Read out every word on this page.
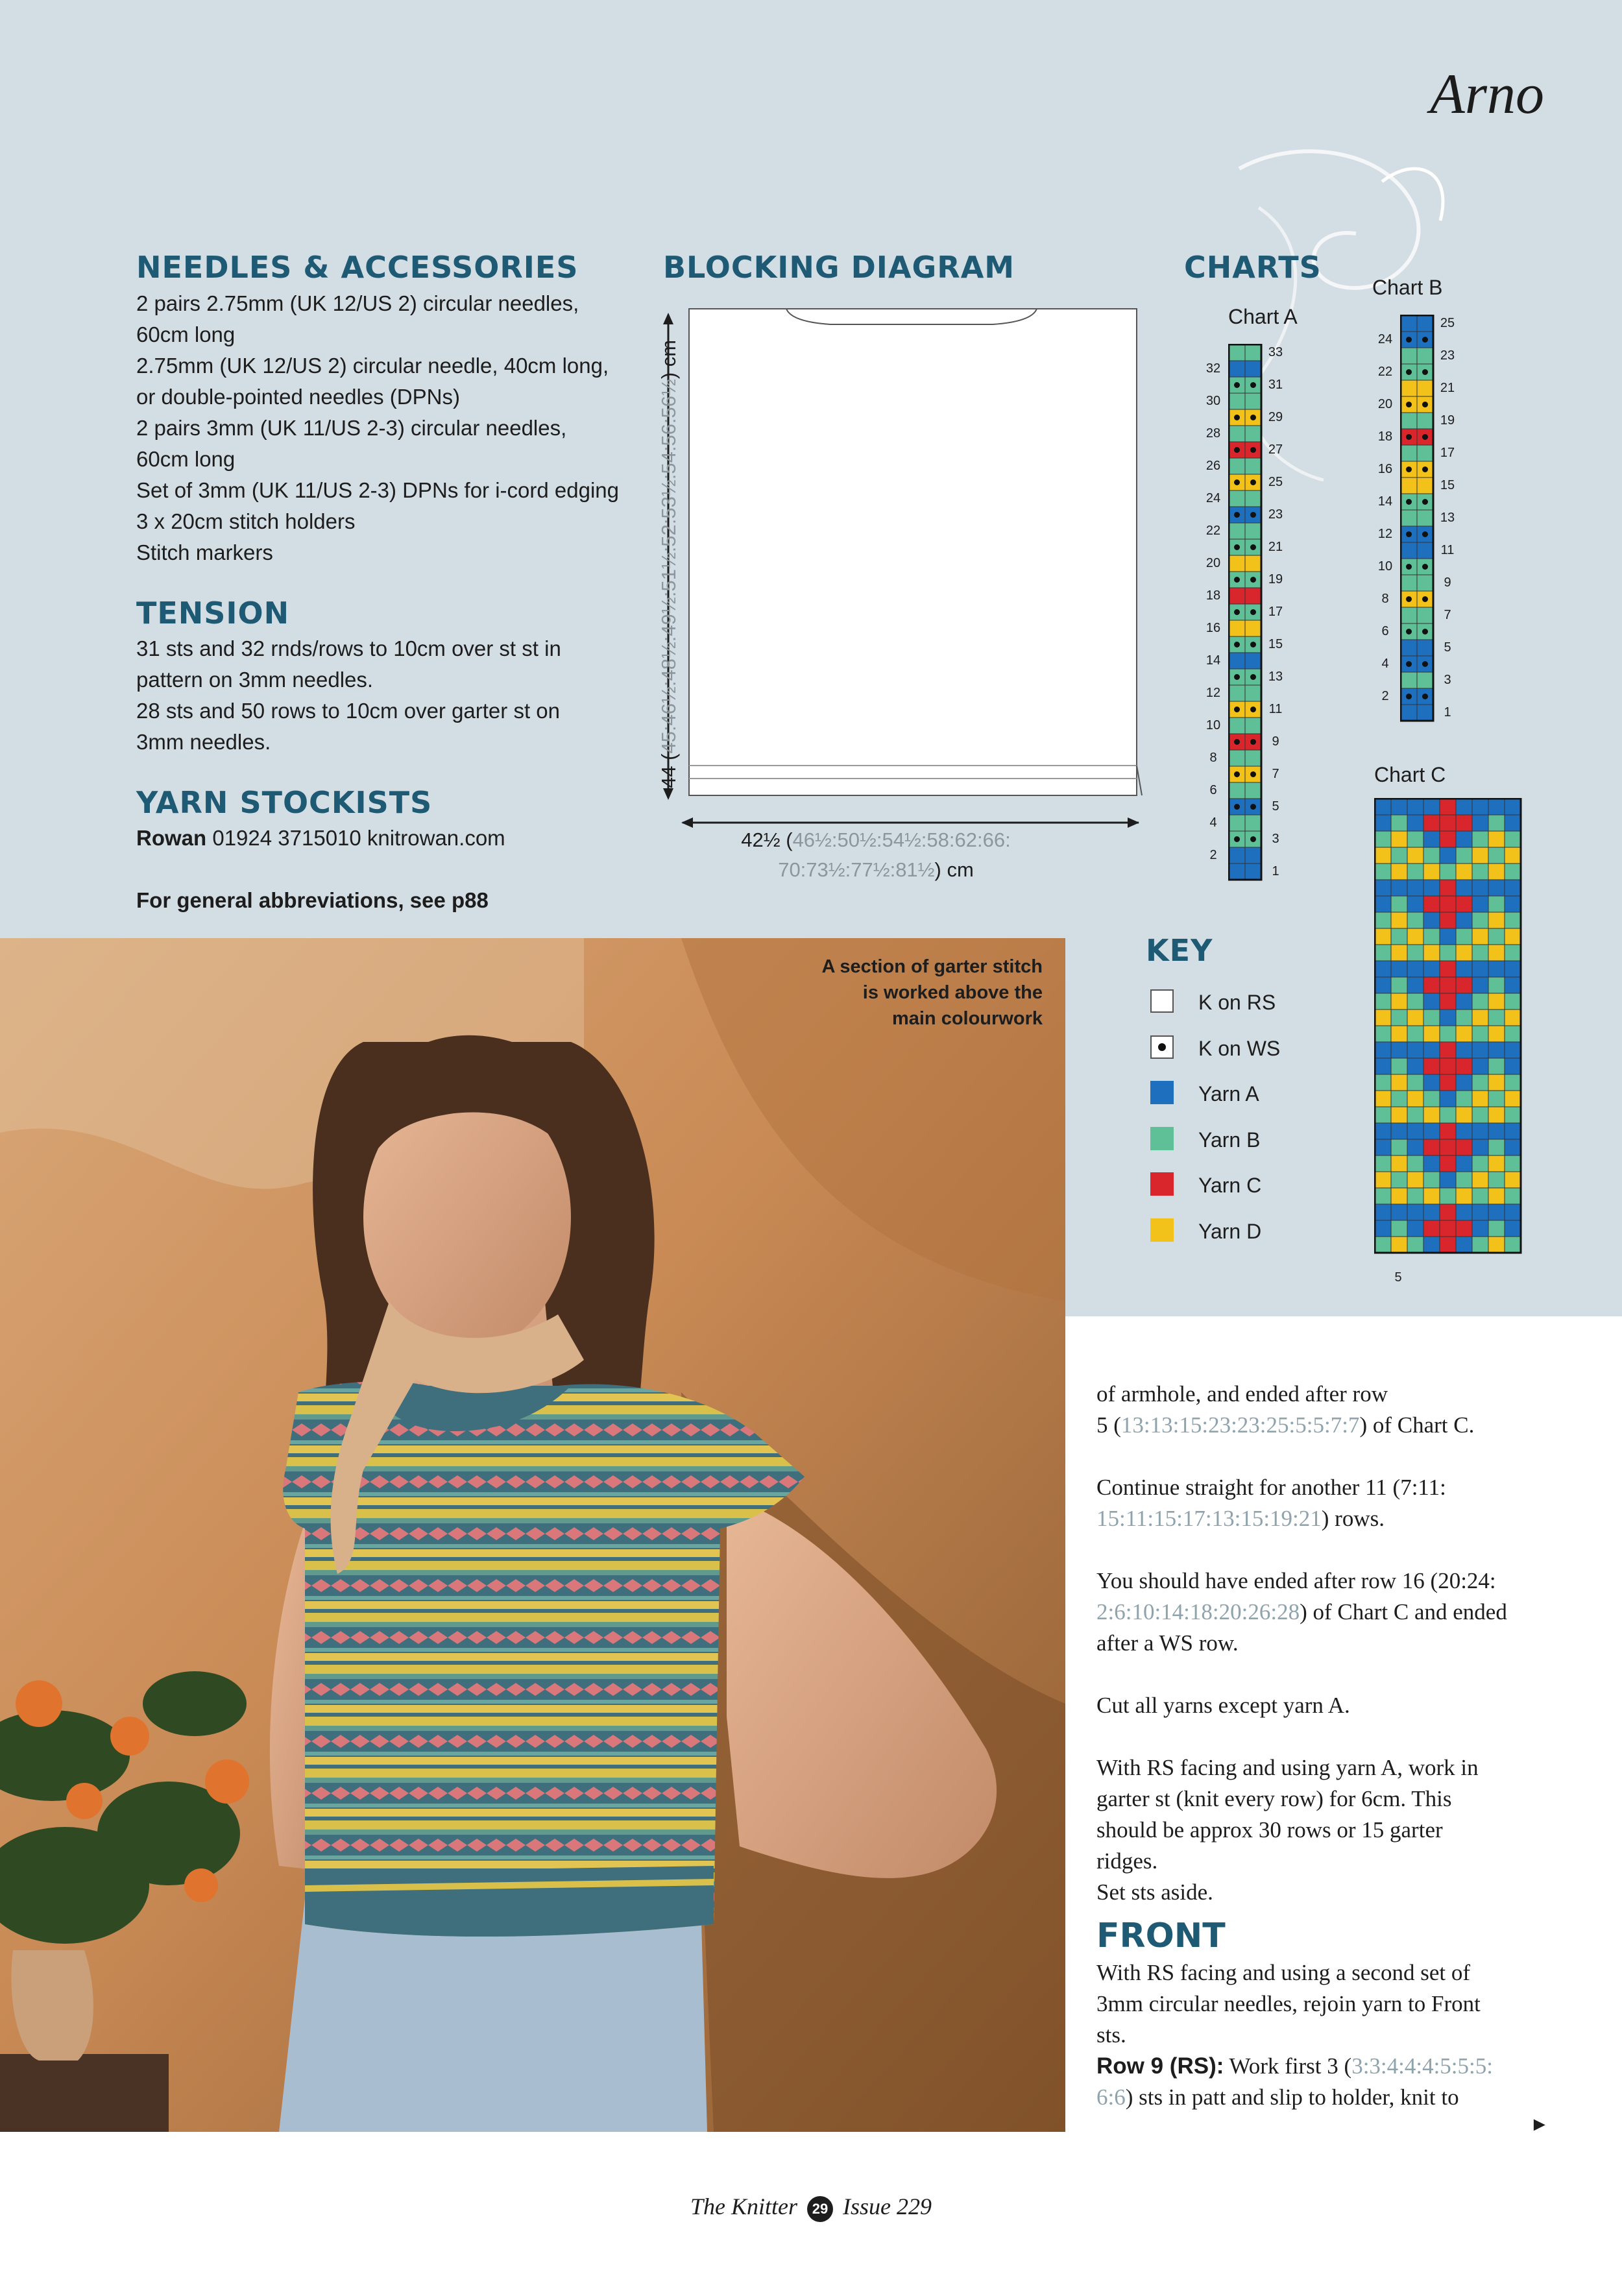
Arno
NEEDLES & ACCESSORIES
2 pairs 2.75mm (UK 12/US 2) circular needles,
60cm long
2.75mm (UK 12/US 2) circular needle, 40cm long,
or double-pointed needles (DPNs)
2 pairs 3mm (UK 11/US 2-3) circular needles,
60cm long
Set of 3mm (UK 11/US 2-3) DPNs for i-cord edging
3 x 20cm stitch holders
Stitch markers
TENSION
31 sts and 32 rnds/rows to 10cm over st st in
pattern on 3mm needles.
28 sts and 50 rows to 10cm over garter st on
3mm needles.
YARN STOCKISTS
Rowan 01924 3715010 knitrowan.com
For general abbreviations, see p88
BLOCKING DIAGRAM
44 (45:46½:48½:49½:51½:52:53½:54:56:56½) cm
42½ (46½:50½:54½:58:62:66:
70:73½:77½:81½) cm
CHARTS
Chart A
Chart B
Chart C
5
33
32
31
30
29
28
27
26
25
24
23
22
21
20
19
18
17
16
15
14
13
12
11
10
9
8
7
6
5
4
3
2
1
25
24
23
22
21
20
19
18
17
16
15
14
13
12
11
10
9
8
7
6
5
4
3
2
1
KEY
K on RS
K on WS
Yarn A
Yarn B
Yarn C
Yarn D
A section of garter stitch
is worked above the
main colourwork

of armhole, and ended after row
5 (13:13:15:23:23:25:5:5:7:7) of Chart C.

Continue straight for another 11 (7:11:
15:11:15:17:13:15:19:21) rows.

You should have ended after row 16 (20:24:
2:6:10:14:18:20:26:28) of Chart C and ended
after a WS row.

Cut all yarns except yarn A.

With RS facing and using yarn A, work in
garter st (knit every row) for 6cm. This
should be approx 30 rows or 15 garter
ridges.
Set sts aside.

FRONT

With RS facing and using a second set of
3mm circular needles, rejoin yarn to Front
sts.

Row 9 (RS): Work first 3 (3:3:4:4:4:5:5:5:
6:6) sts in patt and slip to holder, knit to

►
The Knitter 29 Issue 229
